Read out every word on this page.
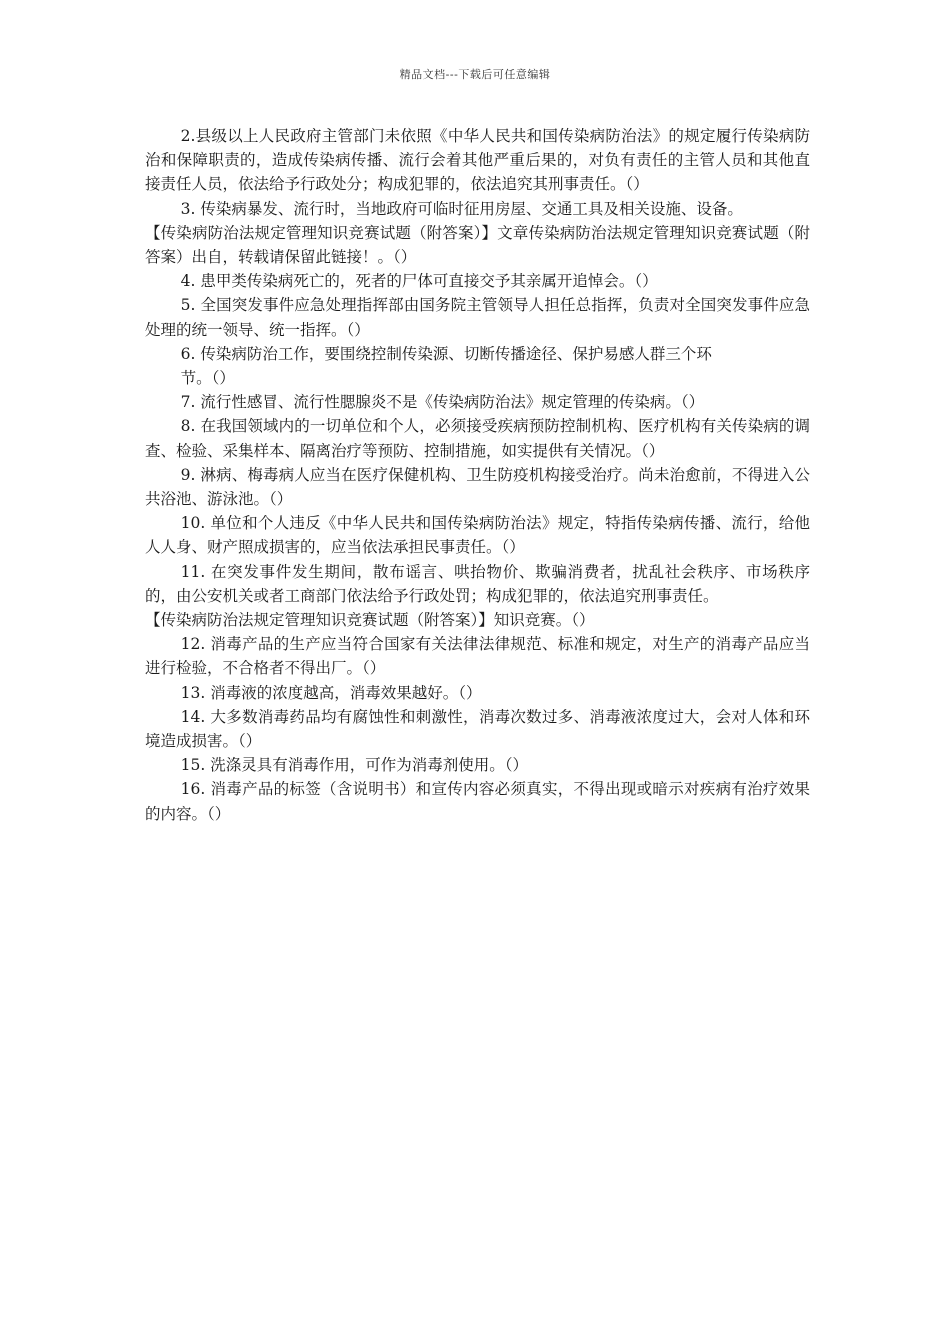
精品文档---下载后可任意编辑

2.县级以上人民政府主管部门未依照《中华人民共和国传染病防治法》的规定履行传染病防治和保障职责的，造成传染病传播、流行会着其他严重后果的，对负有责任的主管人员和其他直接责任人员，依法给予行政处分；构成犯罪的，依法追究其刑事责任。（）

3. 传染病暴发、流行时，当地政府可临时征用房屋、交通工具及相关设施、设备。

【传染病防治法规定管理知识竞赛试题（附答案）】文章传染病防治法规定管理知识竞赛试题（附答案）出自，转载请保留此链接！。（）

4. 患甲类传染病死亡的，死者的尸体可直接交予其亲属开追悼会。（）

5. 全国突发事件应急处理指挥部由国务院主管领导人担任总指挥，负责对全国突发事件应急处理的统一领导、统一指挥。（）

6. 传染病防治工作，要围绕控制传染源、切断传播途径、保护易感人群三个环

节。（）

7. 流行性感冒、流行性腮腺炎不是《传染病防治法》规定管理的传染病。（）

8. 在我国领域内的一切单位和个人，必须接受疾病预防控制机构、医疗机构有关传染病的调查、检验、采集样本、隔离治疗等预防、控制措施，如实提供有关情况。（）

9. 淋病、梅毒病人应当在医疗保健机构、卫生防疫机构接受治疗。尚未治愈前，不得进入公共浴池、游泳池。（）

10. 单位和个人违反《中华人民共和国传染病防治法》规定，特指传染病传播、流行，给他人人身、财产照成损害的，应当依法承担民事责任。（）

11. 在突发事件发生期间，散布谣言、哄抬物价、欺骗消费者，扰乱社会秩序、市场秩序的，由公安机关或者工商部门依法给予行政处罚；构成犯罪的，依法追究刑事责任。

【传染病防治法规定管理知识竞赛试题（附答案）】知识竞赛。（）

12. 消毒产品的生产应当符合国家有关法律法律规范、标准和规定，对生产的消毒产品应当进行检验，不合格者不得出厂。（）

13. 消毒液的浓度越高，消毒效果越好。（）

14. 大多数消毒药品均有腐蚀性和刺激性，消毒次数过多、消毒液浓度过大，会对人体和环境造成损害。（）

15. 洗涤灵具有消毒作用，可作为消毒剂使用。（）

16. 消毒产品的标签（含说明书）和宣传内容必须真实，不得出现或暗示对疾病有治疗效果的内容。（）
